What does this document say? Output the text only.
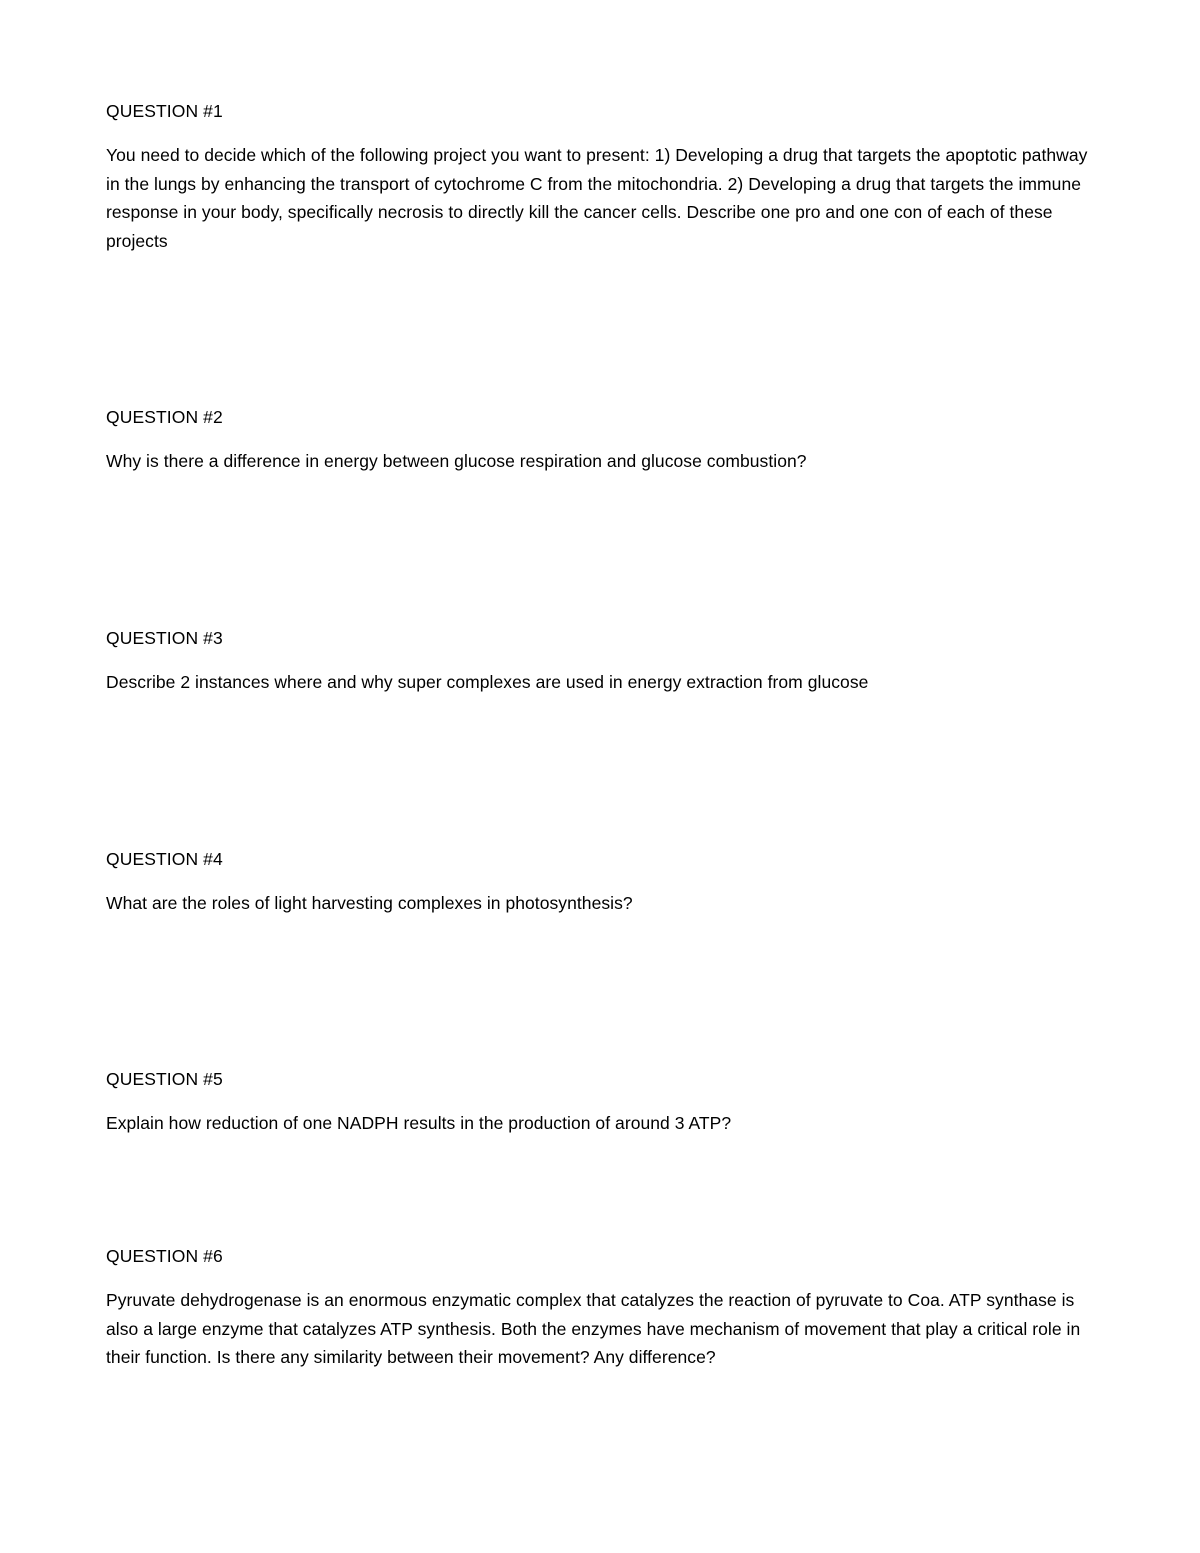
QUESTION #1

You need to decide which of the following project you want to present: 1) Developing a drug that targets the apoptotic pathway in the lungs by enhancing the transport of cytochrome C from the mitochondria. 2) Developing a drug that targets the immune response in your body, specifically necrosis to directly kill the cancer cells. Describe one pro and one con of each of these projects

QUESTION #2

Why is there a difference in energy between glucose respiration and glucose combustion?

QUESTION #3

Describe 2 instances where and why super complexes are used in energy extraction from glucose

QUESTION #4

What are the roles of light harvesting complexes in photosynthesis?

QUESTION #5

Explain how reduction of one NADPH results in the production of around 3 ATP?

QUESTION #6

Pyruvate dehydrogenase is an enormous enzymatic complex that catalyzes the reaction of pyruvate to Coa. ATP synthase is also a large enzyme that catalyzes ATP synthesis. Both the enzymes have mechanism of movement that play a critical role in their function. Is there any similarity between their movement? Any difference?
